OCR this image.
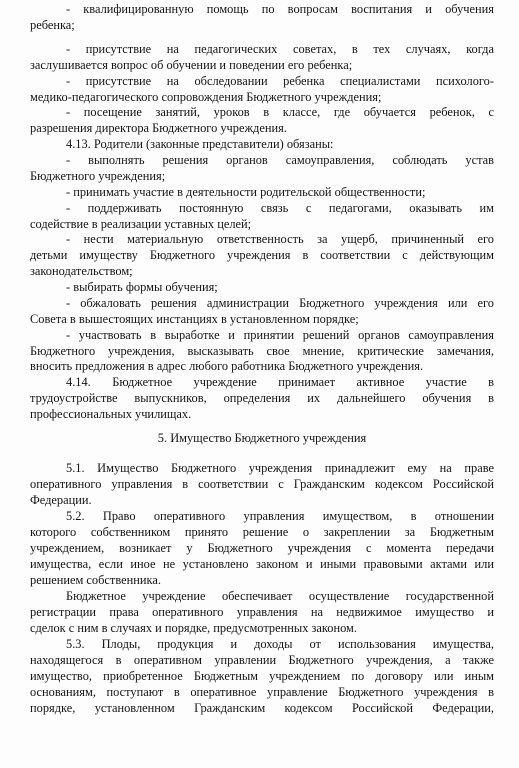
- квалифицированную помощь по вопросам воспитания и обучения
ребенка;
- присутствие на педагогических советах, в тех случаях, когда
заслушивается вопрос об обучении и поведении его ребенка;
- присутствие на обследовании ребенка специалистами психолого-
медико-педагогического сопровождения Бюджетного учреждения;
- посещение занятий, уроков в классе, где обучается ребенок, с
разрешения директора Бюджетного учреждения.
4.13. Родители (законные представители) обязаны:
- выполнять решения органов самоуправления, соблюдать устав
Бюджетного учреждения;
- принимать участие в деятельности родительской общественности;
- поддерживать постоянную связь с педагогами, оказывать им
содействие в реализации уставных целей;
- нести материальную ответственность за ущерб, причиненный его
детьми имуществу Бюджетного учреждения в соответствии с действующим
законодательством;
- выбирать формы обучения;
- обжаловать решения администрации Бюджетного учреждения или его
Совета в вышестоящих инстанциях в установленном порядке;
- участвовать в выработке и принятии решений органов самоуправления
Бюджетного учреждения, высказывать свое мнение, критические замечания,
вносить предложения в адрес любого работника Бюджетного учреждения.
4.14. Бюджетное учреждение принимает активное участие в
трудоустройстве выпускников, определения их дальнейшего обучения в
профессиональных училищах.
5. Имущество Бюджетного учреждения
5.1. Имущество Бюджетного учреждения принадлежит ему на праве
оперативного управления в соответствии с Гражданским кодексом Российской
Федерации.
5.2. Право оперативного управления имуществом, в отношении
которого собственником принято решение о закреплении за Бюджетным
учреждением, возникает у Бюджетного учреждения с момента передачи
имущества, если иное не установлено законом и иными правовыми актами или
решением собственника.
Бюджетное учреждение обеспечивает осуществление государственной
регистрации права оперативного управления на недвижимое имущество и
сделок с ним в случаях и порядке, предусмотренных законом.
5.3. Плоды, продукция и доходы от использования имущества,
находящегося в оперативном управлении Бюджетного учреждения, а также
имущество, приобретенное Бюджетным учреждением по договору или иным
основаниям, поступают в оперативное управление Бюджетного учреждения в
порядке, установленном Гражданским кодексом Российской Федерации,
